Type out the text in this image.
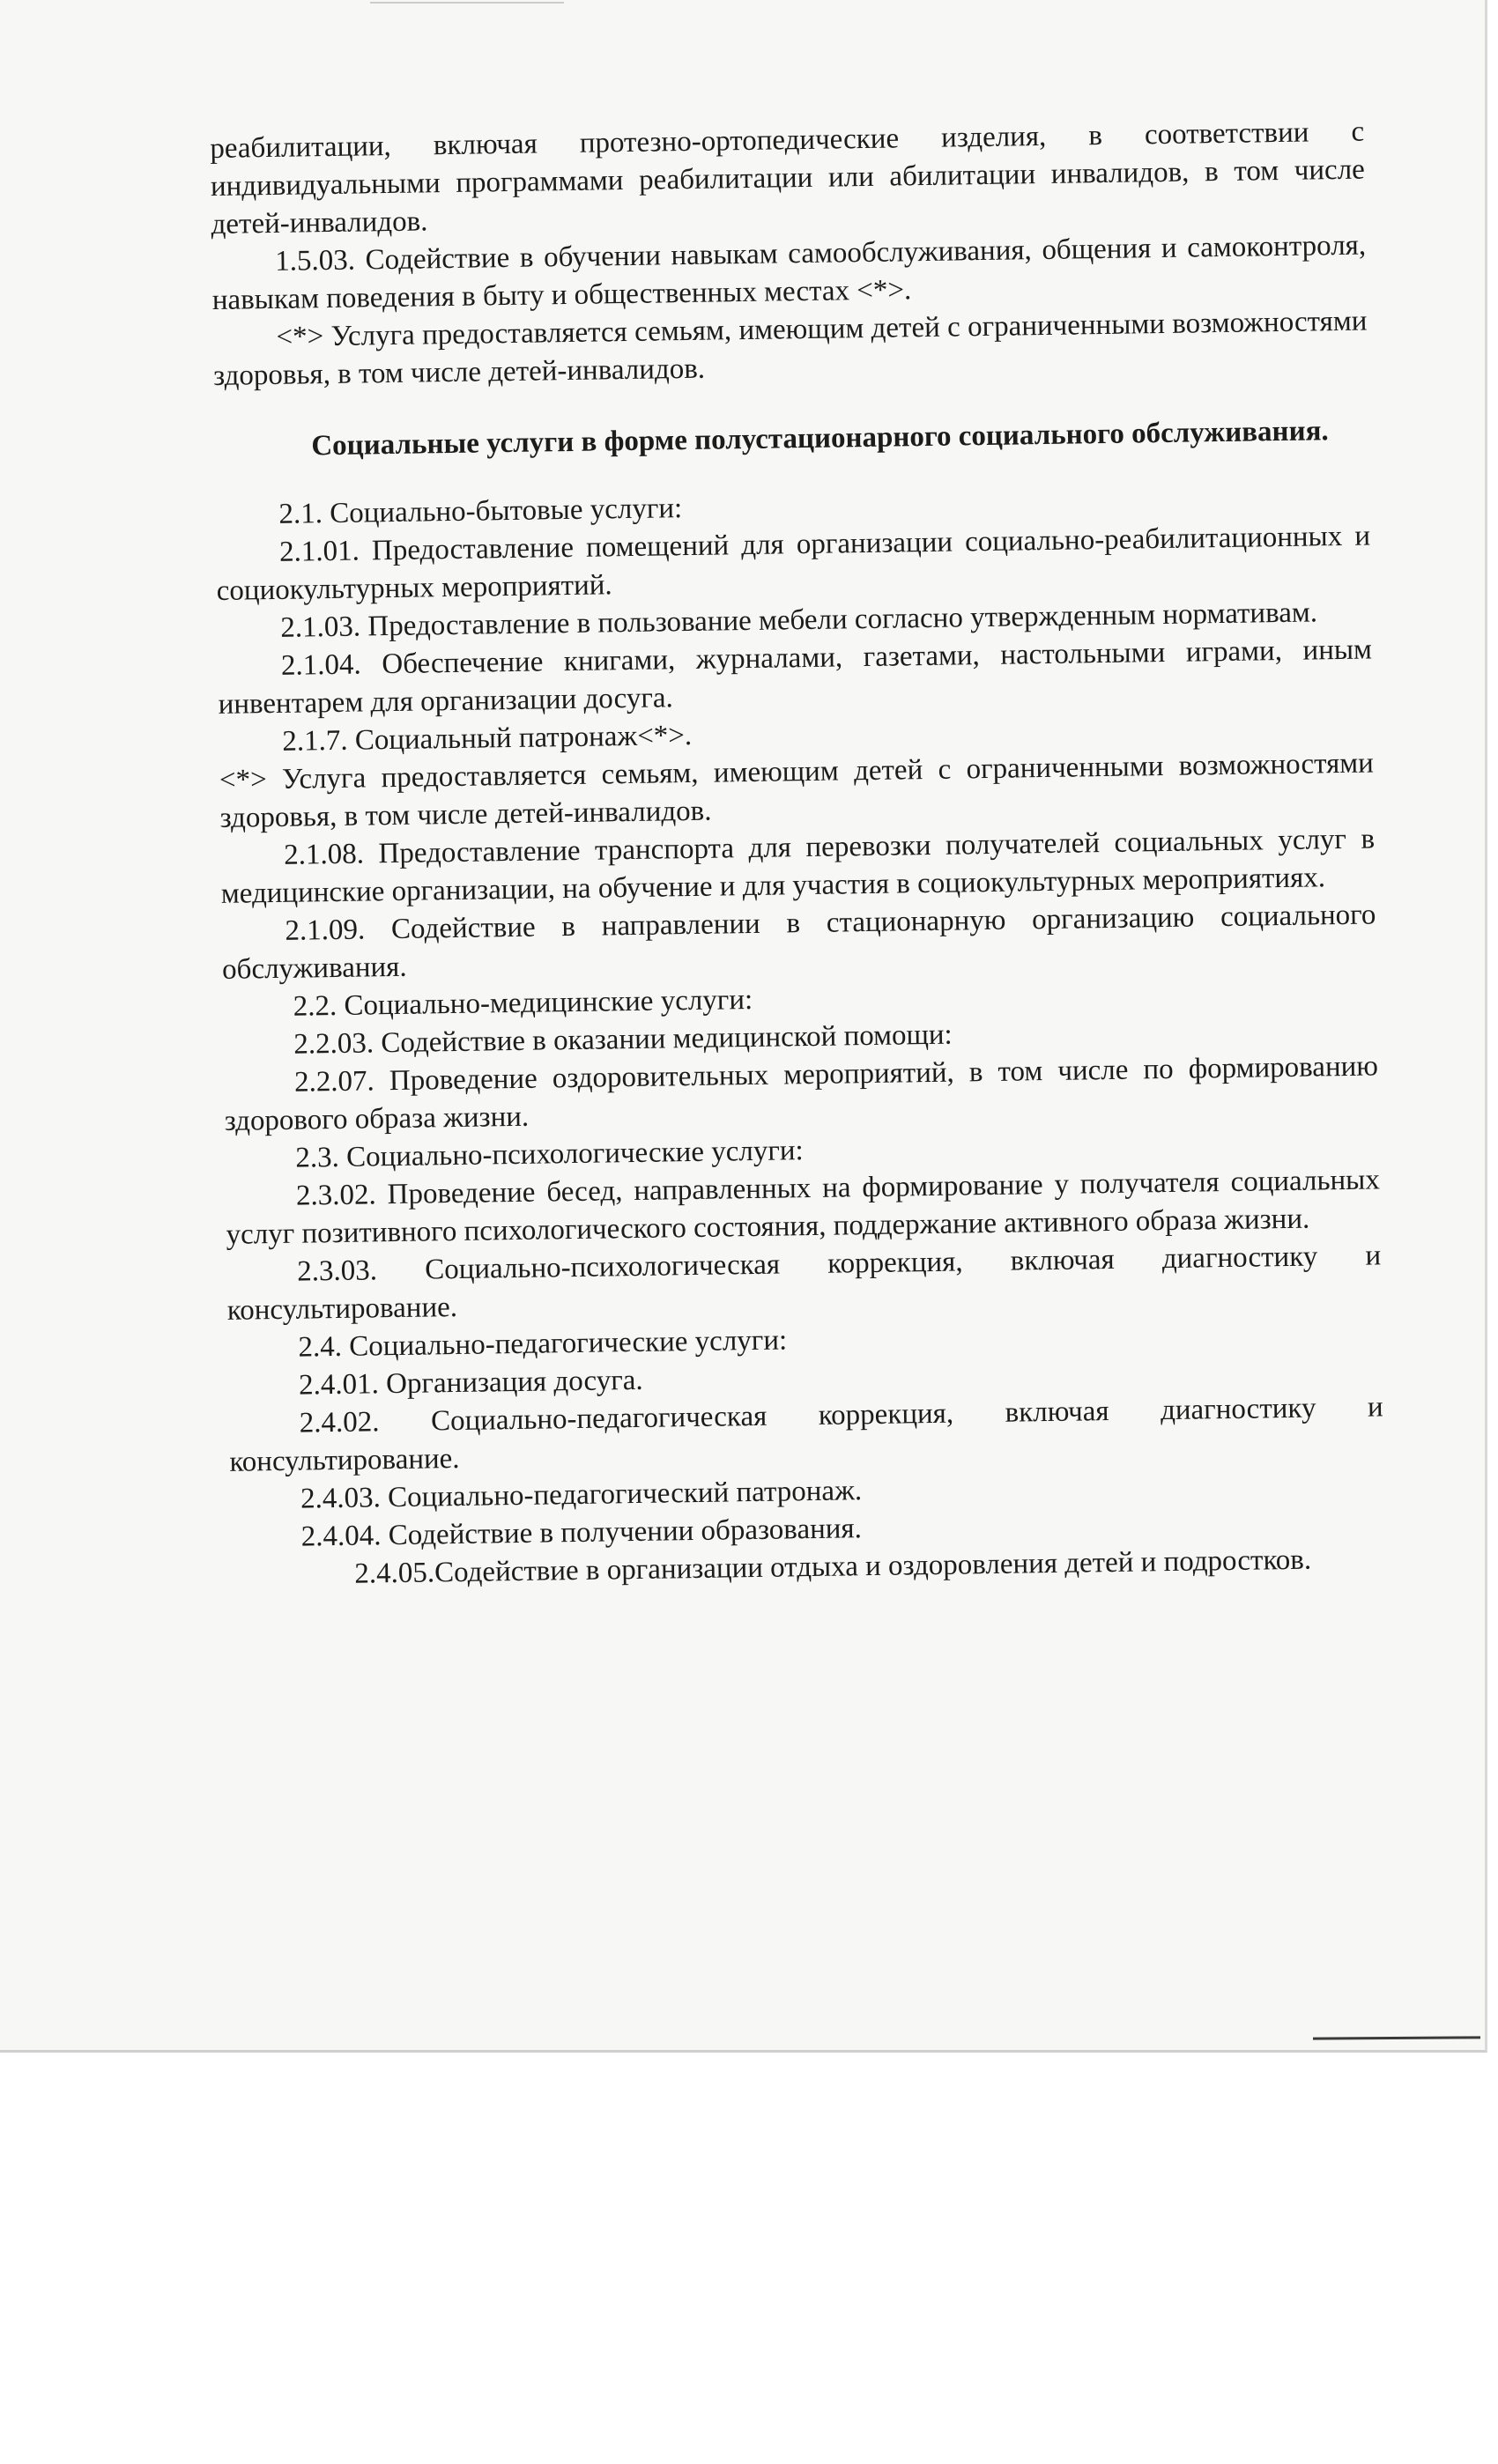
реабилитации, включая протезно-ортопедические изделия, в соответствии с индивидуальными программами реабилитации или абилитации инвалидов, в том числе детей-инвалидов.

1.5.03. Содействие в обучении навыкам самообслуживания, общения и самоконтроля, навыкам поведения в быту и общественных местах <*>.

<*> Услуга предоставляется семьям, имеющим детей с ограниченными возможностями здоровья, в том числе детей-инвалидов.

Социальные услуги в форме полустационарного социального обслуживания.

2.1. Социально-бытовые услуги:

2.1.01. Предоставление помещений для организации социально-реабилитационных и социокультурных мероприятий.

2.1.03. Предоставление в пользование мебели согласно утвержденным нормативам.

2.1.04. Обеспечение книгами, журналами, газетами, настольными играми, иным инвентарем для организации досуга.

2.1.7. Социальный патронаж<*>.

<*> Услуга предоставляется семьям, имеющим детей с ограниченными возможностями здоровья, в том числе детей-инвалидов.

2.1.08. Предоставление транспорта для перевозки получателей социальных услуг в медицинские организации, на обучение и для участия в социокультурных мероприятиях.

2.1.09. Содействие в направлении в стационарную организацию социального обслуживания.

2.2. Социально-медицинские услуги:

2.2.03. Содействие в оказании медицинской помощи:

2.2.07. Проведение оздоровительных мероприятий, в том числе по формированию здорового образа жизни.

2.3. Социально-психологические услуги:

2.3.02. Проведение бесед, направленных на формирование у получателя социальных услуг позитивного психологического состояния, поддержание активного образа жизни.

2.3.03. Социально-психологическая коррекция, включая диагностику и консультирование.

2.4. Социально-педагогические услуги:

2.4.01. Организация досуга.

2.4.02. Социально-педагогическая коррекция, включая диагностику и консультирование.

2.4.03. Социально-педагогический патронаж.

2.4.04. Содействие в получении образования.

2.4.05.Содействие в организации отдыха и оздоровления детей и подростков.
